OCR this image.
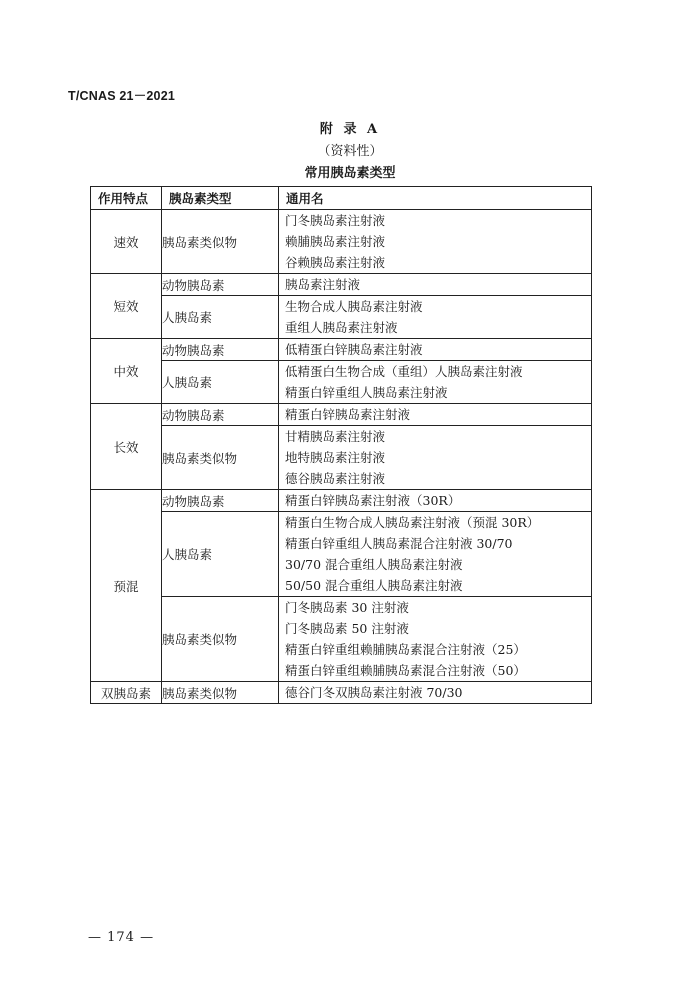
T/CNAS 21－2021
附 录 A
（资料性）
常用胰岛素类型
作用特点	胰岛素类型	通用名
速效	胰岛素类似物	门冬胰岛素注射液
赖脯胰岛素注射液
谷赖胰岛素注射液

短效	动物胰岛素	胰岛素注射液

	人胰岛素	生物合成人胰岛素注射液
重组人胰岛素注射液

中效	动物胰岛素	低精蛋白锌胰岛素注射液

	人胰岛素	低精蛋白生物合成（重组）人胰岛素注射液
精蛋白锌重组人胰岛素注射液

长效	动物胰岛素	精蛋白锌胰岛素注射液

	胰岛素类似物	甘精胰岛素注射液
地特胰岛素注射液
德谷胰岛素注射液

预混	动物胰岛素	精蛋白锌胰岛素注射液（30R）

	人胰岛素	精蛋白生物合成人胰岛素注射液（预混 30R）
精蛋白锌重组人胰岛素混合注射液 30/70
30/70 混合重组人胰岛素注射液
50/50 混合重组人胰岛素注射液

	胰岛素类似物	门冬胰岛素 30 注射液
门冬胰岛素 50 注射液
精蛋白锌重组赖脯胰岛素混合注射液（25）
精蛋白锌重组赖脯胰岛素混合注射液（50）

双胰岛素	胰岛素类似物	德谷门冬双胰岛素注射液 70/30
— 174 —
